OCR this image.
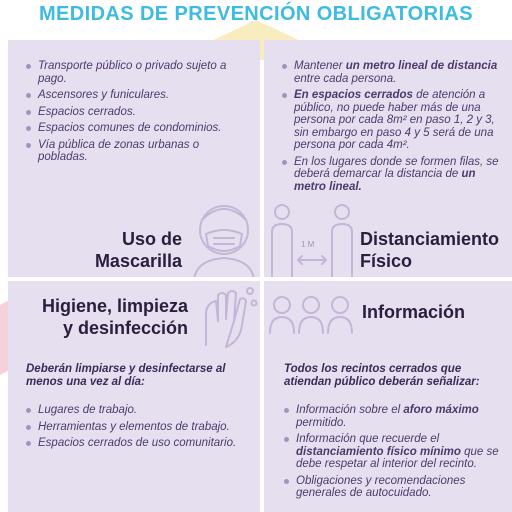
MEDIDAS DE PREVENCIÓN OBLIGATORIAS
Transporte público o privado sujeto a pago.
Ascensores y funiculares.
Espacios cerrados.
Espacios comunes de condominios.
Vía pública de zonas urbanas o pobladas.
Uso de
Mascarilla
Mantener un metro lineal de distancia entre cada persona.
En espacios cerrados de atención a público, no puede haber más de una persona por cada 8m² en paso 1, 2 y 3, sin embargo en paso 4 y 5 será de una persona por cada 4m².
En los lugares donde se formen filas, se deberá demarcar la distancia de un metro lineal.
1 M	Distanciamiento
Físico
Higiene, limpieza
y desinfección
Deberán limpiarse y desinfectarse al menos una vez al día:
Lugares de trabajo.
Herramientas y elementos de trabajo.
Espacios cerrados de uso comunitario.
Información
Todos los recintos cerrados que atiendan público deberán señalizar:
Información sobre el aforo máximo permitido.
Información que recuerde el distanciamiento físico mínimo que se debe respetar al interior del recinto.
Obligaciones y recomendaciones generales de autocuidado.
